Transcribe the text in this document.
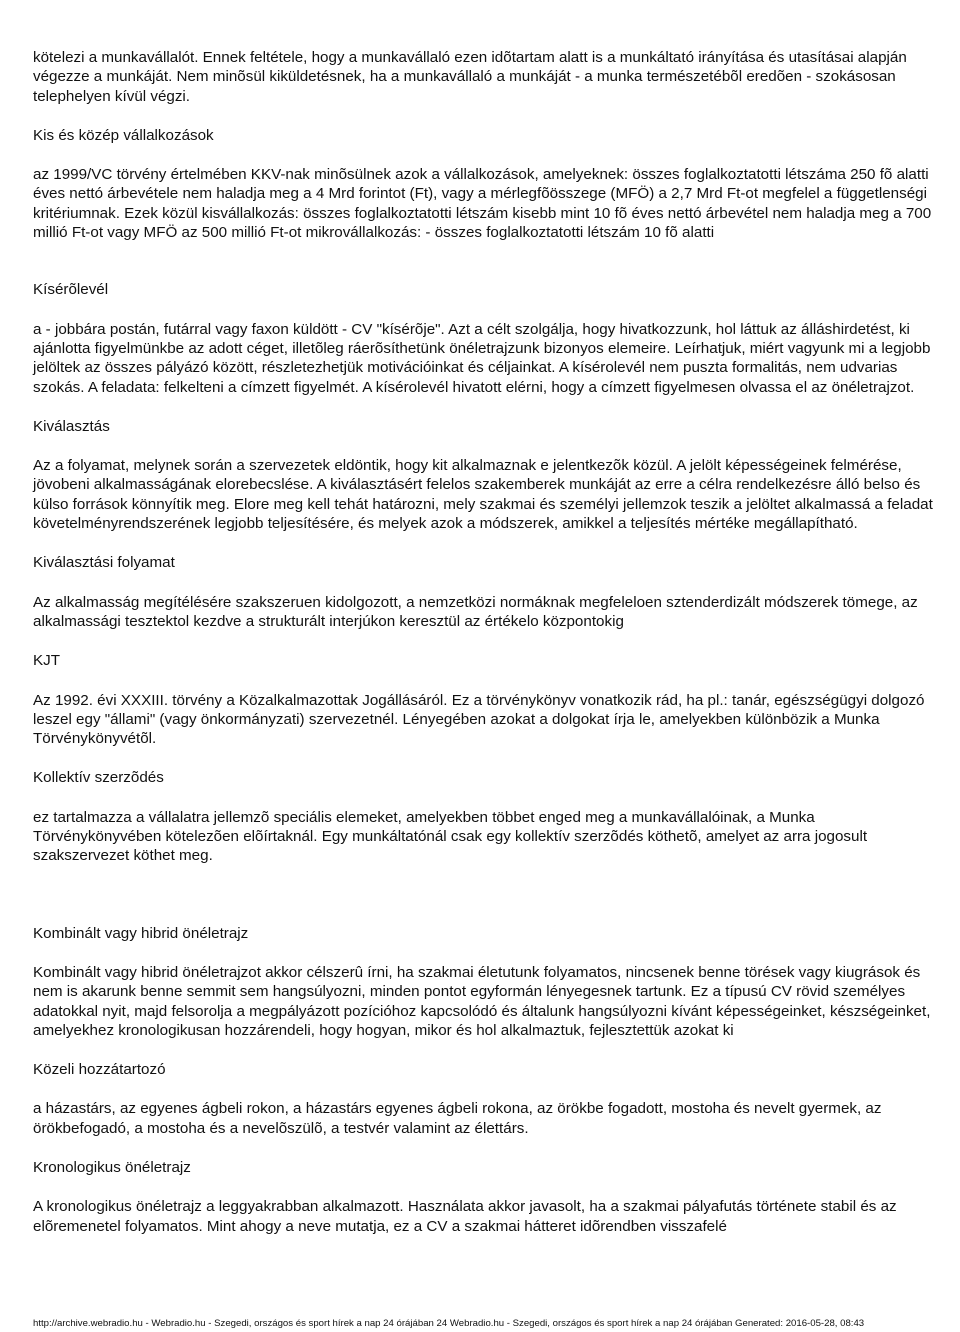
kötelezi a munkavállalót. Ennek feltétele, hogy a munkavállaló ezen idõtartam alatt is a munkáltató irányítása és utasításai alapján végezze a munkáját. Nem minõsül kiküldetésnek, ha a munkavállaló a munkáját - a munka természetébõl eredõen - szokásosan telephelyen kívül végzi.

Kis és közép vállalkozások

az 1999/VC törvény értelmében KKV-nak minõsülnek azok a vállalkozások, amelyeknek: összes foglalkoztatotti létszáma 250 fõ alatti éves nettó árbevétele nem haladja meg a 4 Mrd forintot (Ft), vagy a mérlegfõösszege (MFÖ) a 2,7 Mrd Ft-ot megfelel a függetlenségi kritériumnak. Ezek közül kisvállalkozás: összes foglalkoztatotti létszám kisebb mint 10 fõ éves nettó árbevétel nem haladja meg a 700 millió Ft-ot vagy MFÖ az 500 millió Ft-ot mikrovállalkozás: - összes foglalkoztatotti létszám 10 fõ alatti

Kísérõlevél

a - jobbára postán, futárral vagy faxon küldött - CV "kísérõje". Azt a célt szolgálja, hogy hivatkozzunk, hol láttuk az álláshirdetést, ki ajánlotta figyelmünkbe az adott céget, illetõleg ráerõsíthetünk önéletrajzunk bizonyos elemeire. Leírhatjuk, miért vagyunk mi a legjobb jelöltek az összes pályázó között, részletezhetjük motivációinkat és céljainkat. A kísérolevél nem puszta formalitás, nem udvarias szokás. A feladata: felkelteni a címzett figyelmét. A kísérolevél hivatott elérni, hogy a címzett figyelmesen olvassa el az önéletrajzot.

Kiválasztás

Az a folyamat, melynek során a szervezetek eldöntik, hogy kit alkalmaznak e jelentkezõk közül. A jelölt képességeinek felmérése, jövobeni alkalmasságának elorebecslése. A kiválasztásért felelos szakemberek munkáját az erre a célra rendelkezésre álló belso és külso források könnyítik meg. Elore meg kell tehát határozni, mely szakmai és személyi jellemzok teszik a jelöltet alkalmassá a feladat követelményrendszerének legjobb teljesítésére, és melyek azok a módszerek, amikkel a teljesítés mértéke megállapítható.

Kiválasztási folyamat

Az alkalmasság megítélésére szakszeruen kidolgozott, a nemzetközi normáknak megfeleloen sztenderdizált módszerek tömege, az alkalmassági tesztektol kezdve a strukturált interjúkon keresztül az értékelo központokig

KJT

Az 1992. évi XXXIII. törvény a Közalkalmazottak Jogállásáról. Ez a törvénykönyv vonatkozik rád, ha pl.: tanár, egészségügyi dolgozó leszel egy "állami" (vagy önkormányzati) szervezetnél. Lényegében azokat a dolgokat írja le, amelyekben különbözik a Munka Törvénykönyvétõl.

Kollektív szerzõdés

ez tartalmazza a vállalatra jellemzõ speciális elemeket, amelyekben többet enged meg a munkavállalóinak, a Munka Törvénykönyvében kötelezõen elõírtaknál. Egy munkáltatónál csak egy kollektív szerzõdés köthetõ, amelyet az arra jogosult szakszervezet köthet meg.

Kombinált vagy hibrid önéletrajz

Kombinált vagy hibrid önéletrajzot akkor célszerû írni, ha szakmai életutunk folyamatos, nincsenek benne törések vagy kiugrások és nem is akarunk benne semmit sem hangsúlyozni, minden pontot egyformán lényegesnek tartunk. Ez a típusú CV rövid személyes adatokkal nyit, majd felsorolja a megpályázott pozícióhoz kapcsolódó és általunk hangsúlyozni kívánt képességeinket, készségeinket, amelyekhez kronologikusan hozzárendeli, hogy hogyan, mikor és hol alkalmaztuk, fejlesztettük azokat ki

Közeli hozzátartozó

a házastárs, az egyenes ágbeli rokon, a házastárs egyenes ágbeli rokona, az örökbe fogadott, mostoha és nevelt gyermek, az örökbefogadó, a mostoha és a nevelõszülõ, a testvér valamint az élettárs.

Kronologikus önéletrajz

A kronologikus önéletrajz a leggyakrabban alkalmazott. Használata akkor javasolt, ha a szakmai pályafutás története stabil és az elõremenetel folyamatos. Mint ahogy a neve mutatja, ez a CV a szakmai hátteret idõrendben visszafelé

http://archive.webradio.hu - Webradio.hu - Szegedi, országos és sport hírek a nap 24 órájában 24 Webradio.hu - Szegedi, országos és sport hírek a nap 24 órájában Generated: 2016-05-28, 08:43
